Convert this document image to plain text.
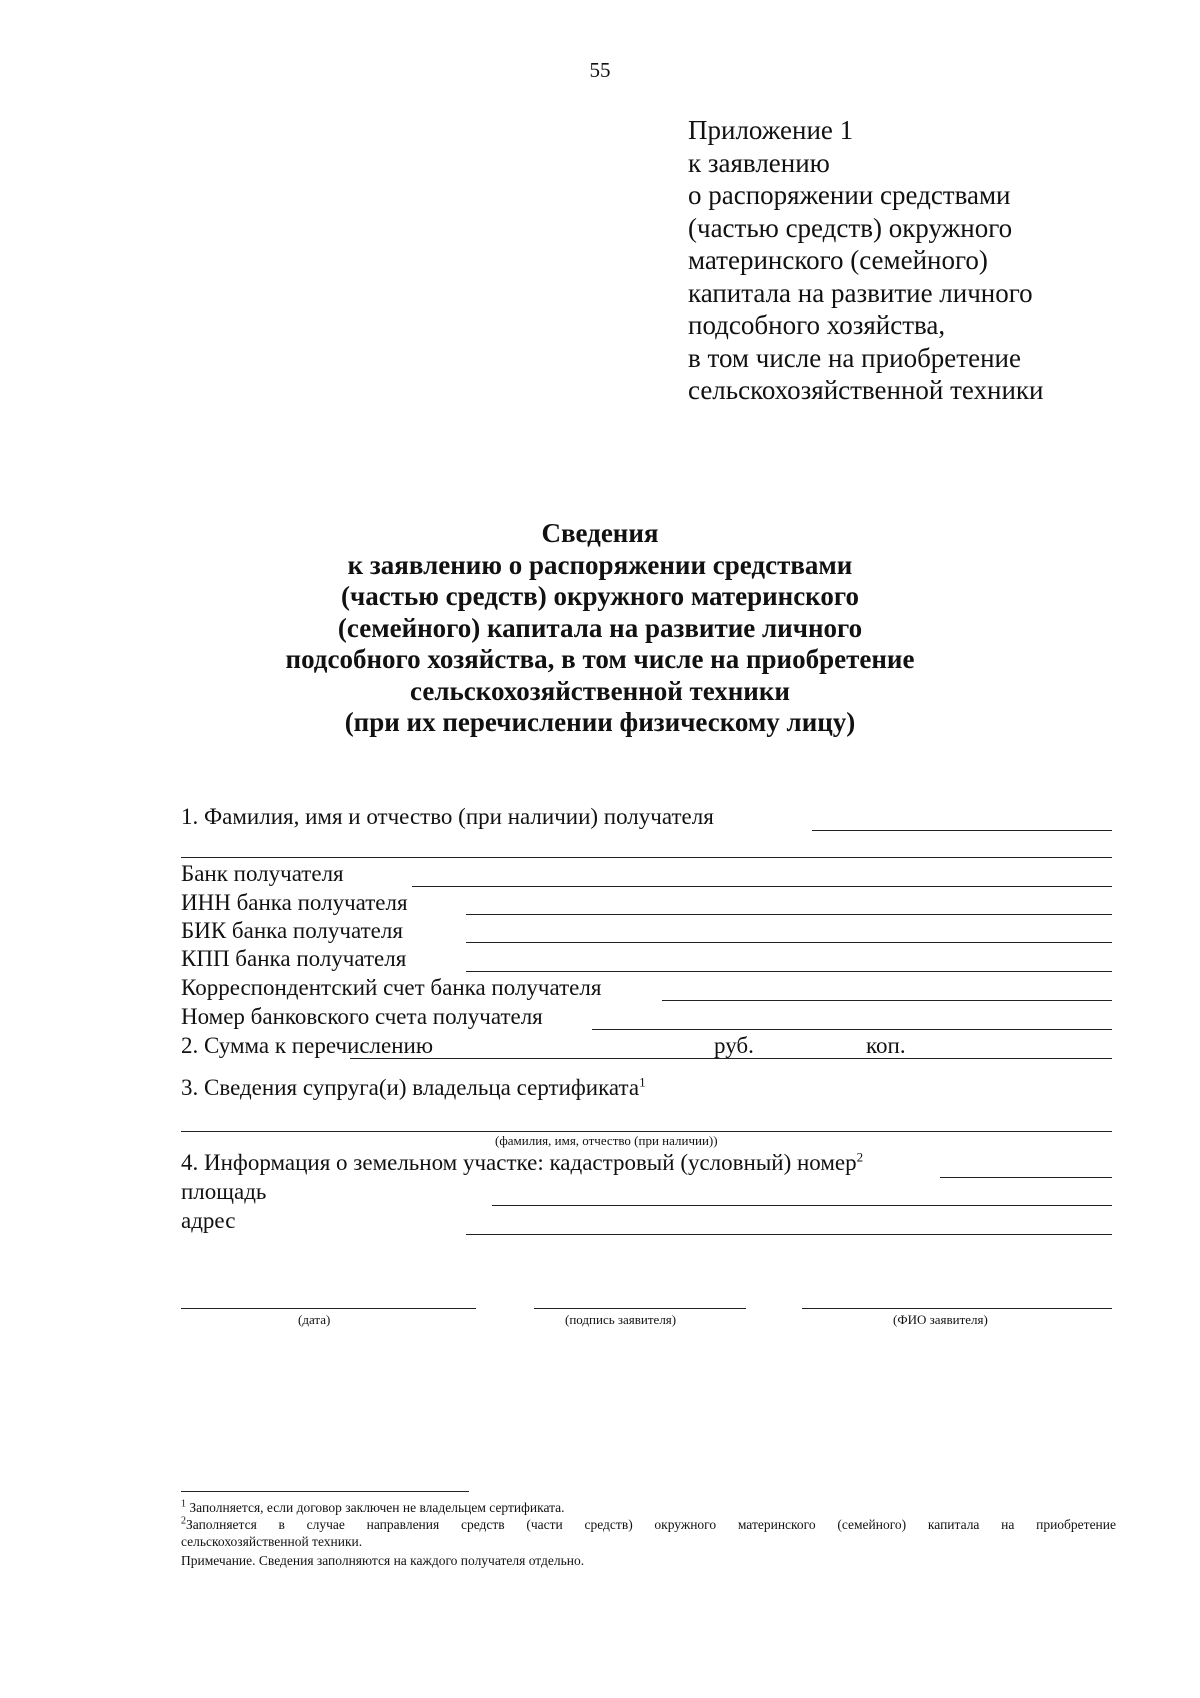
55
Приложение 1
к заявлению
о распоряжении средствами
(частью средств) окружного
материнского (семейного)
капитала на развитие личного
подсобного хозяйства,
в том числе на приобретение
сельскохозяйственной техники
Сведения
к заявлению о распоряжении средствами
(частью средств) окружного материнского
(семейного) капитала на развитие личного
подсобного хозяйства, в том числе на приобретение
сельскохозяйственной техники
(при их перечислении физическому лицу)
1. Фамилия, имя и отчество (при наличии) получателя
Банк получателя
ИНН банка получателя
БИК банка получателя
КПП банка получателя
Корреспондентский счет банка получателя
Номер банковского счета получателя
2. Сумма к перечислению	руб.	коп.
3. Сведения супруга(и) владельца сертификата$^1$
(фамилия, имя, отчество (при наличии))
4. Информация о земельном участке: кадастровый (условный) номер$^2$
площадь
адрес
(дата)	(подпись заявителя)	(ФИО заявителя)
$^1$ Заполняется, если договор заключен не владельцем сертификата.
$^2$Заполняется в случае направления средств (части средств) окружного материнского (семейного) капитала на приобретение
сельскохозяйственной техники.
Примечание. Сведения заполняются на каждого получателя отдельно.
